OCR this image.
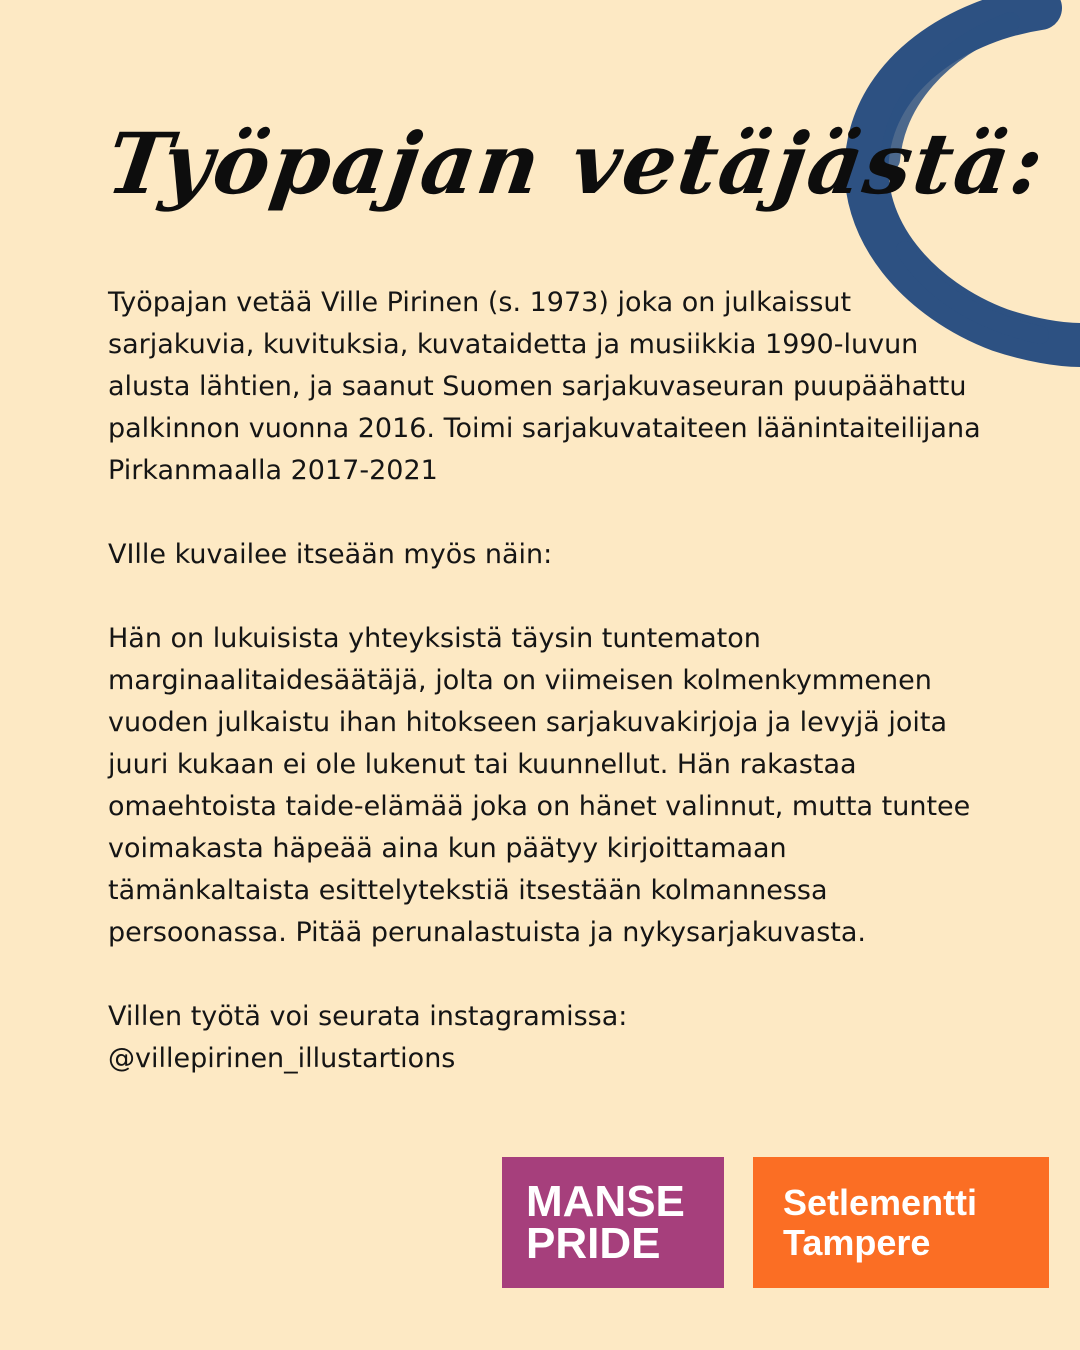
Työpajan vetäjästä:

Työpajan vetää Ville Pirinen (s. 1973) joka on julkaissut sarjakuvia, kuvituksia, kuvataidetta ja musiikkia 1990-luvun alusta lähtien, ja saanut Suomen sarjakuvaseuran puupäähattu palkinnon vuonna 2016. Toimi sarjakuvataiteen läänintaiteilijana Pirkanmaalla 2017-2021

VIlle kuvailee itseään myös näin:

Hän on lukuisista yhteyksistä täysin tuntematon marginaalitaidesäätäjä, jolta on viimeisen kolmenkymmenen vuoden julkaistu ihan hitokseen sarjakuvakirjoja ja levyjä joita juuri kukaan ei ole lukenut tai kuunnellut. Hän rakastaa omaehtoista taide-elämää joka on hänet valinnut, mutta tuntee voimakasta häpeää aina kun päätyy kirjoittamaan tämänkaltaista esittelytekstiä itsestään kolmannessa persoonassa. Pitää perunalastuista ja nykysarjakuvasta.

Villen työtä voi seurata instagramissa:

@villepirinen_illustartions

MANSE
PRIDE
Setlementti
Tampere
